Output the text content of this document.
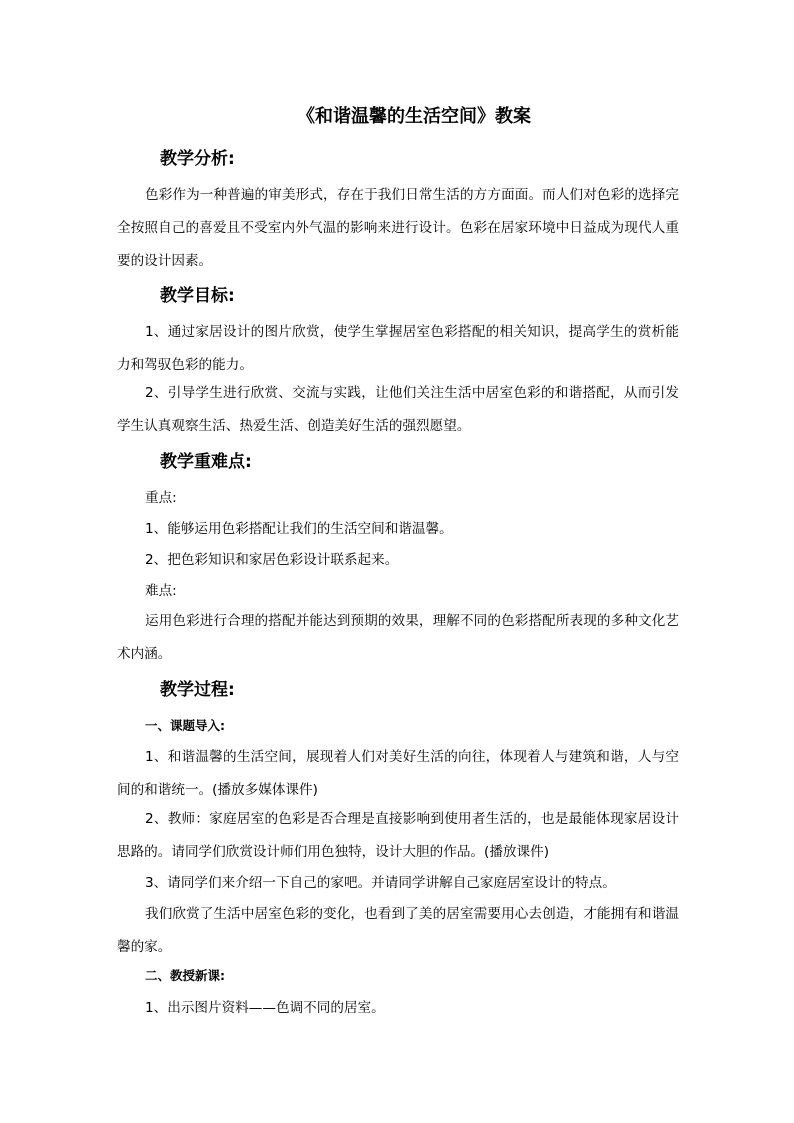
《和谐温馨的生活空间》教案
教学分析:

色彩作为一种普遍的审美形式，存在于我们日常生活的方方面面。而人们对色彩的选择完全按照自己的喜爱且不受室内外气温的影响来进行设计。色彩在居家环境中日益成为现代人重要的设计因素。

教学目标:

1、通过家居设计的图片欣赏，使学生掌握居室色彩搭配的相关知识，提高学生的赏析能力和驾驭色彩的能力。

2、引导学生进行欣赏、交流与实践，让他们关注生活中居室色彩的和谐搭配，从而引发学生认真观察生活、热爱生活、创造美好生活的强烈愿望。

教学重难点:

重点:

1、能够运用色彩搭配让我们的生活空间和谐温馨。

2、把色彩知识和家居色彩设计联系起来。

难点:

运用色彩进行合理的搭配并能达到预期的效果，理解不同的色彩搭配所表现的多种文化艺术内涵。

教学过程:
一、课题导入:

1、和谐温馨的生活空间，展现着人们对美好生活的向往，体现着人与建筑和谐，人与空间的和谐统一。(播放多媒体课件)

2、教师：家庭居室的色彩是否合理是直接影响到使用者生活的，也是最能体现家居设计思路的。请同学们欣赏设计师们用色独特，设计大胆的作品。(播放课件)

3、请同学们来介绍一下自己的家吧。并请同学讲解自己家庭居室设计的特点。

我们欣赏了生活中居室色彩的变化，也看到了美的居室需要用心去创造，才能拥有和谐温馨的家。

二、教授新课:

1、出示图片资料——色调不同的居室。
